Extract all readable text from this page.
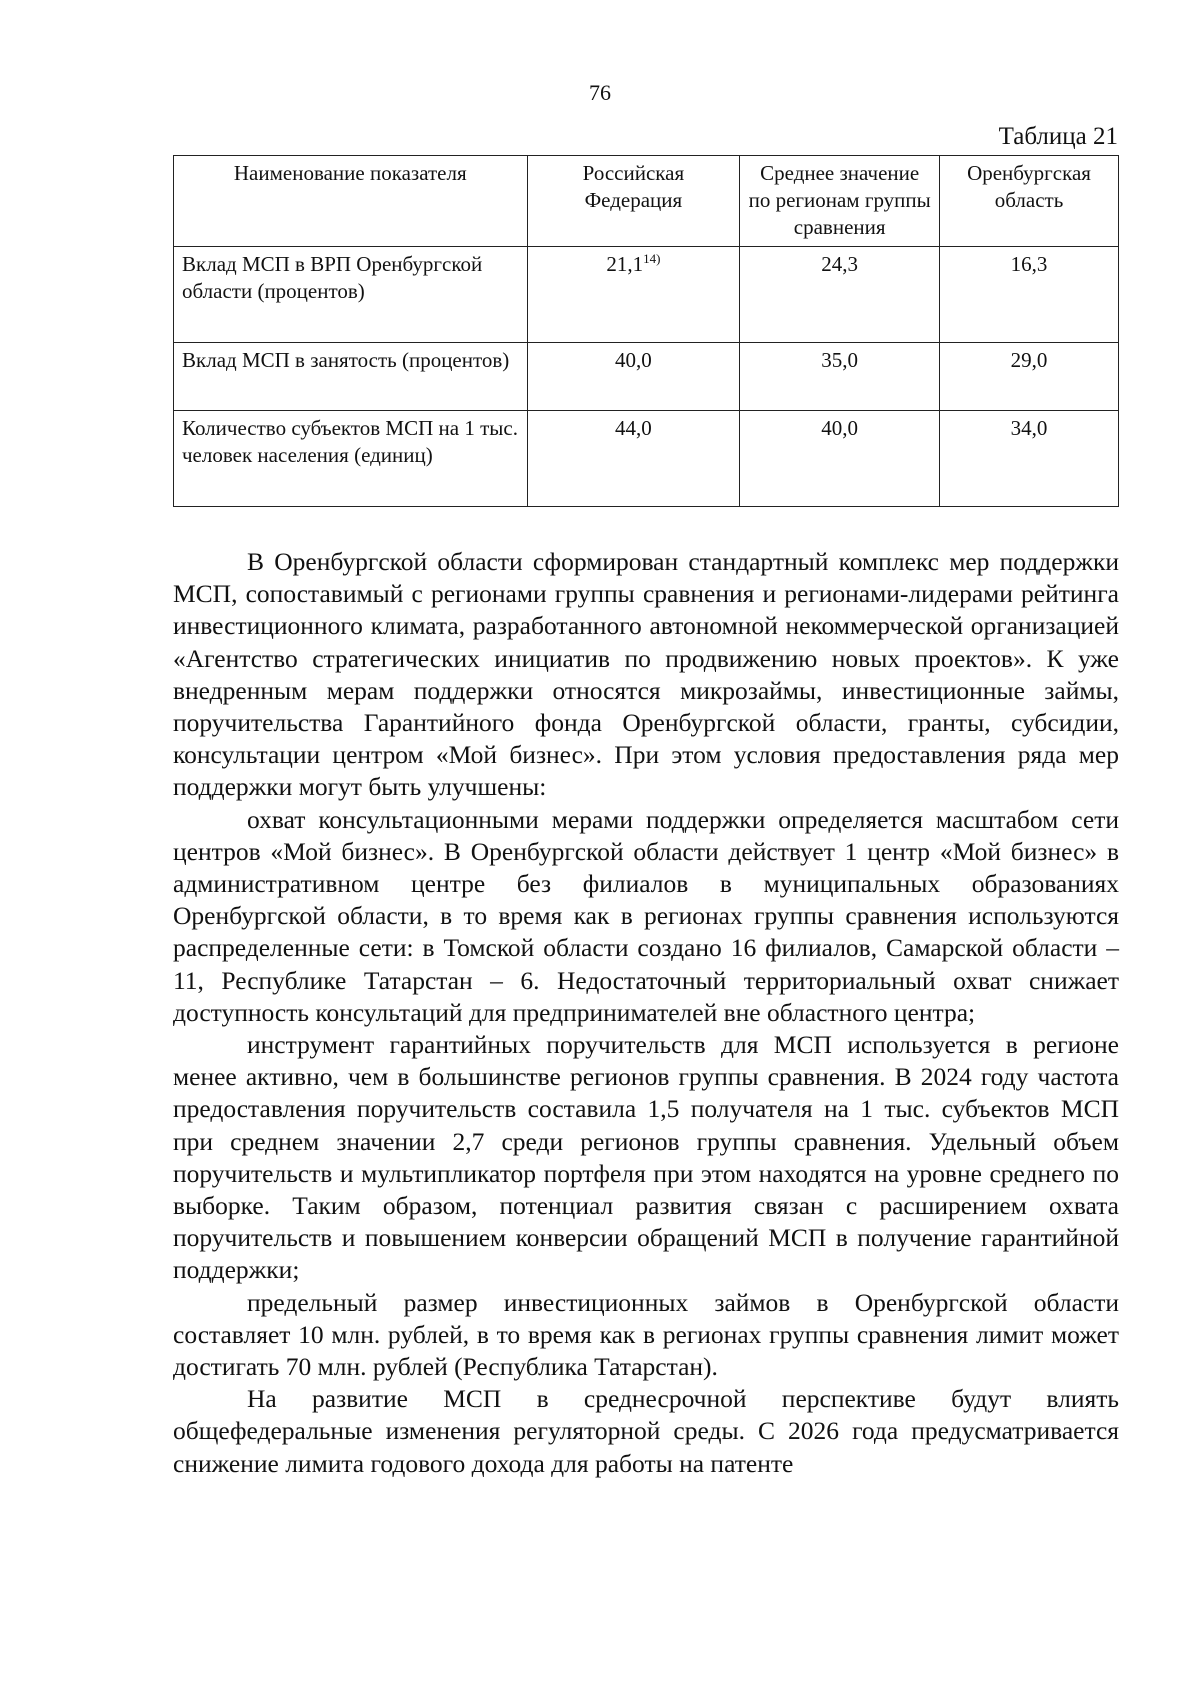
76
Таблица 21
Наименование показателя	Российская Федерация	Среднее значение по регионам группы сравнения	Оренбургская область
Вклад МСП в ВРП Оренбургской области (процентов)	21,1$^{14)}$	24,3	16,3
Вклад МСП в занятость (процентов)	40,0	35,0	29,0
Количество субъектов МСП на 1 тыс. человек населения (единиц)	44,0	40,0	34,0

В Оренбургской области сформирован стандартный комплекс мер поддержки МСП, сопоставимый с регионами группы сравнения и регионами-лидерами рейтинга инвестиционного климата, разработанного автономной некоммерческой организацией «Агентство стратегических инициатив по продвижению новых проектов». К уже внедренным мерам поддержки относятся микрозаймы, инвестиционные займы, поручительства Гарантийного фонда Оренбургской области, гранты, субсидии, консультации центром «Мой бизнес». При этом условия предоставления ряда мер поддержки могут быть улучшены:

охват консультационными мерами поддержки определяется масштабом сети центров «Мой бизнес». В Оренбургской области действует 1 центр «Мой бизнес» в административном центре без филиалов в муниципальных образованиях Оренбургской области, в то время как в регионах группы сравнения используются распределенные сети: в Томской области создано 16 филиалов, Самарской области – 11, Республике Татарстан – 6. Недостаточный территориальный охват снижает доступность консультаций для предпринимателей вне областного центра;

инструмент гарантийных поручительств для МСП используется в регионе менее активно, чем в большинстве регионов группы сравнения. В 2024 году частота предоставления поручительств составила 1,5 получателя на 1 тыс. субъектов МСП при среднем значении 2,7 среди регионов группы сравнения. Удельный объем поручительств и мультипликатор портфеля при этом находятся на уровне среднего по выборке. Таким образом, потенциал развития связан с расширением охвата поручительств и повышением конверсии обращений МСП в получение гарантийной поддержки;

предельный размер инвестиционных займов в Оренбургской области составляет 10 млн. рублей, в то время как в регионах группы сравнения лимит может достигать 70 млн. рублей (Республика Татарстан).

На развитие МСП в среднесрочной перспективе будут влиять общефедеральные изменения регуляторной среды. С 2026 года предусматривается снижение лимита годового дохода для работы на патенте
